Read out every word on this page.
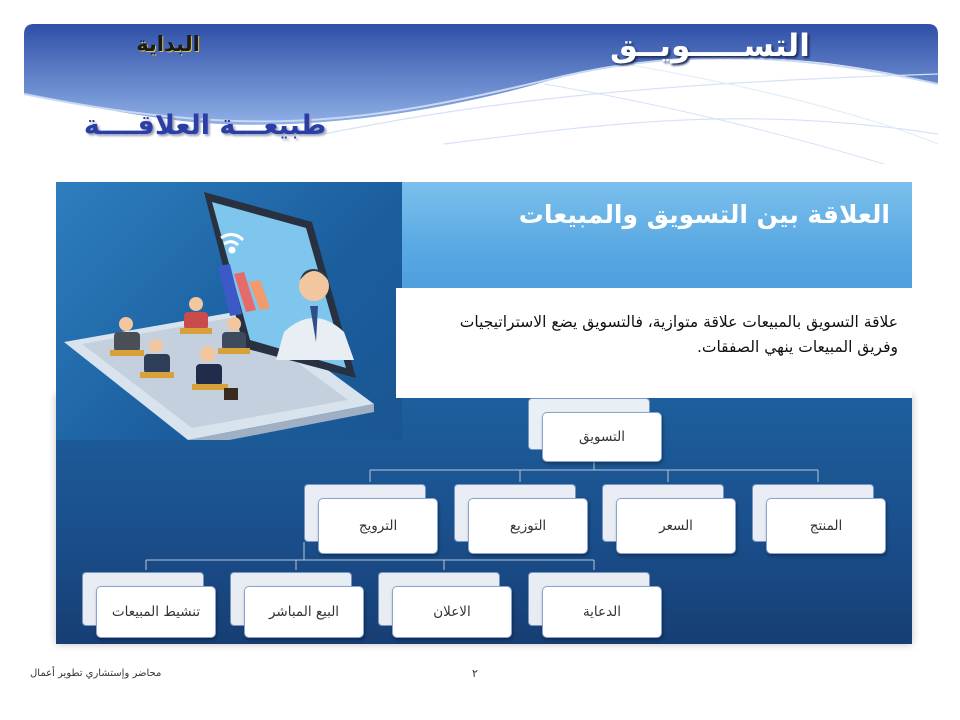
البداية	التســـــويــق
طبيعـــة العلاقــــة
العلاقة بين التسويق والمبيعات
علاقة التسويق بالمبيعات علاقة متوازية، فالتسويق يضع الاستراتيجيات وفريق المبيعات ينهي الصفقات.
التسويق
المنتج
السعر
التوزيع
الترويج
الدعاية
الاعلان
البيع المباشر
تنشيط المبيعات
محاضر وإستشاري تطوير أعمال	٢
